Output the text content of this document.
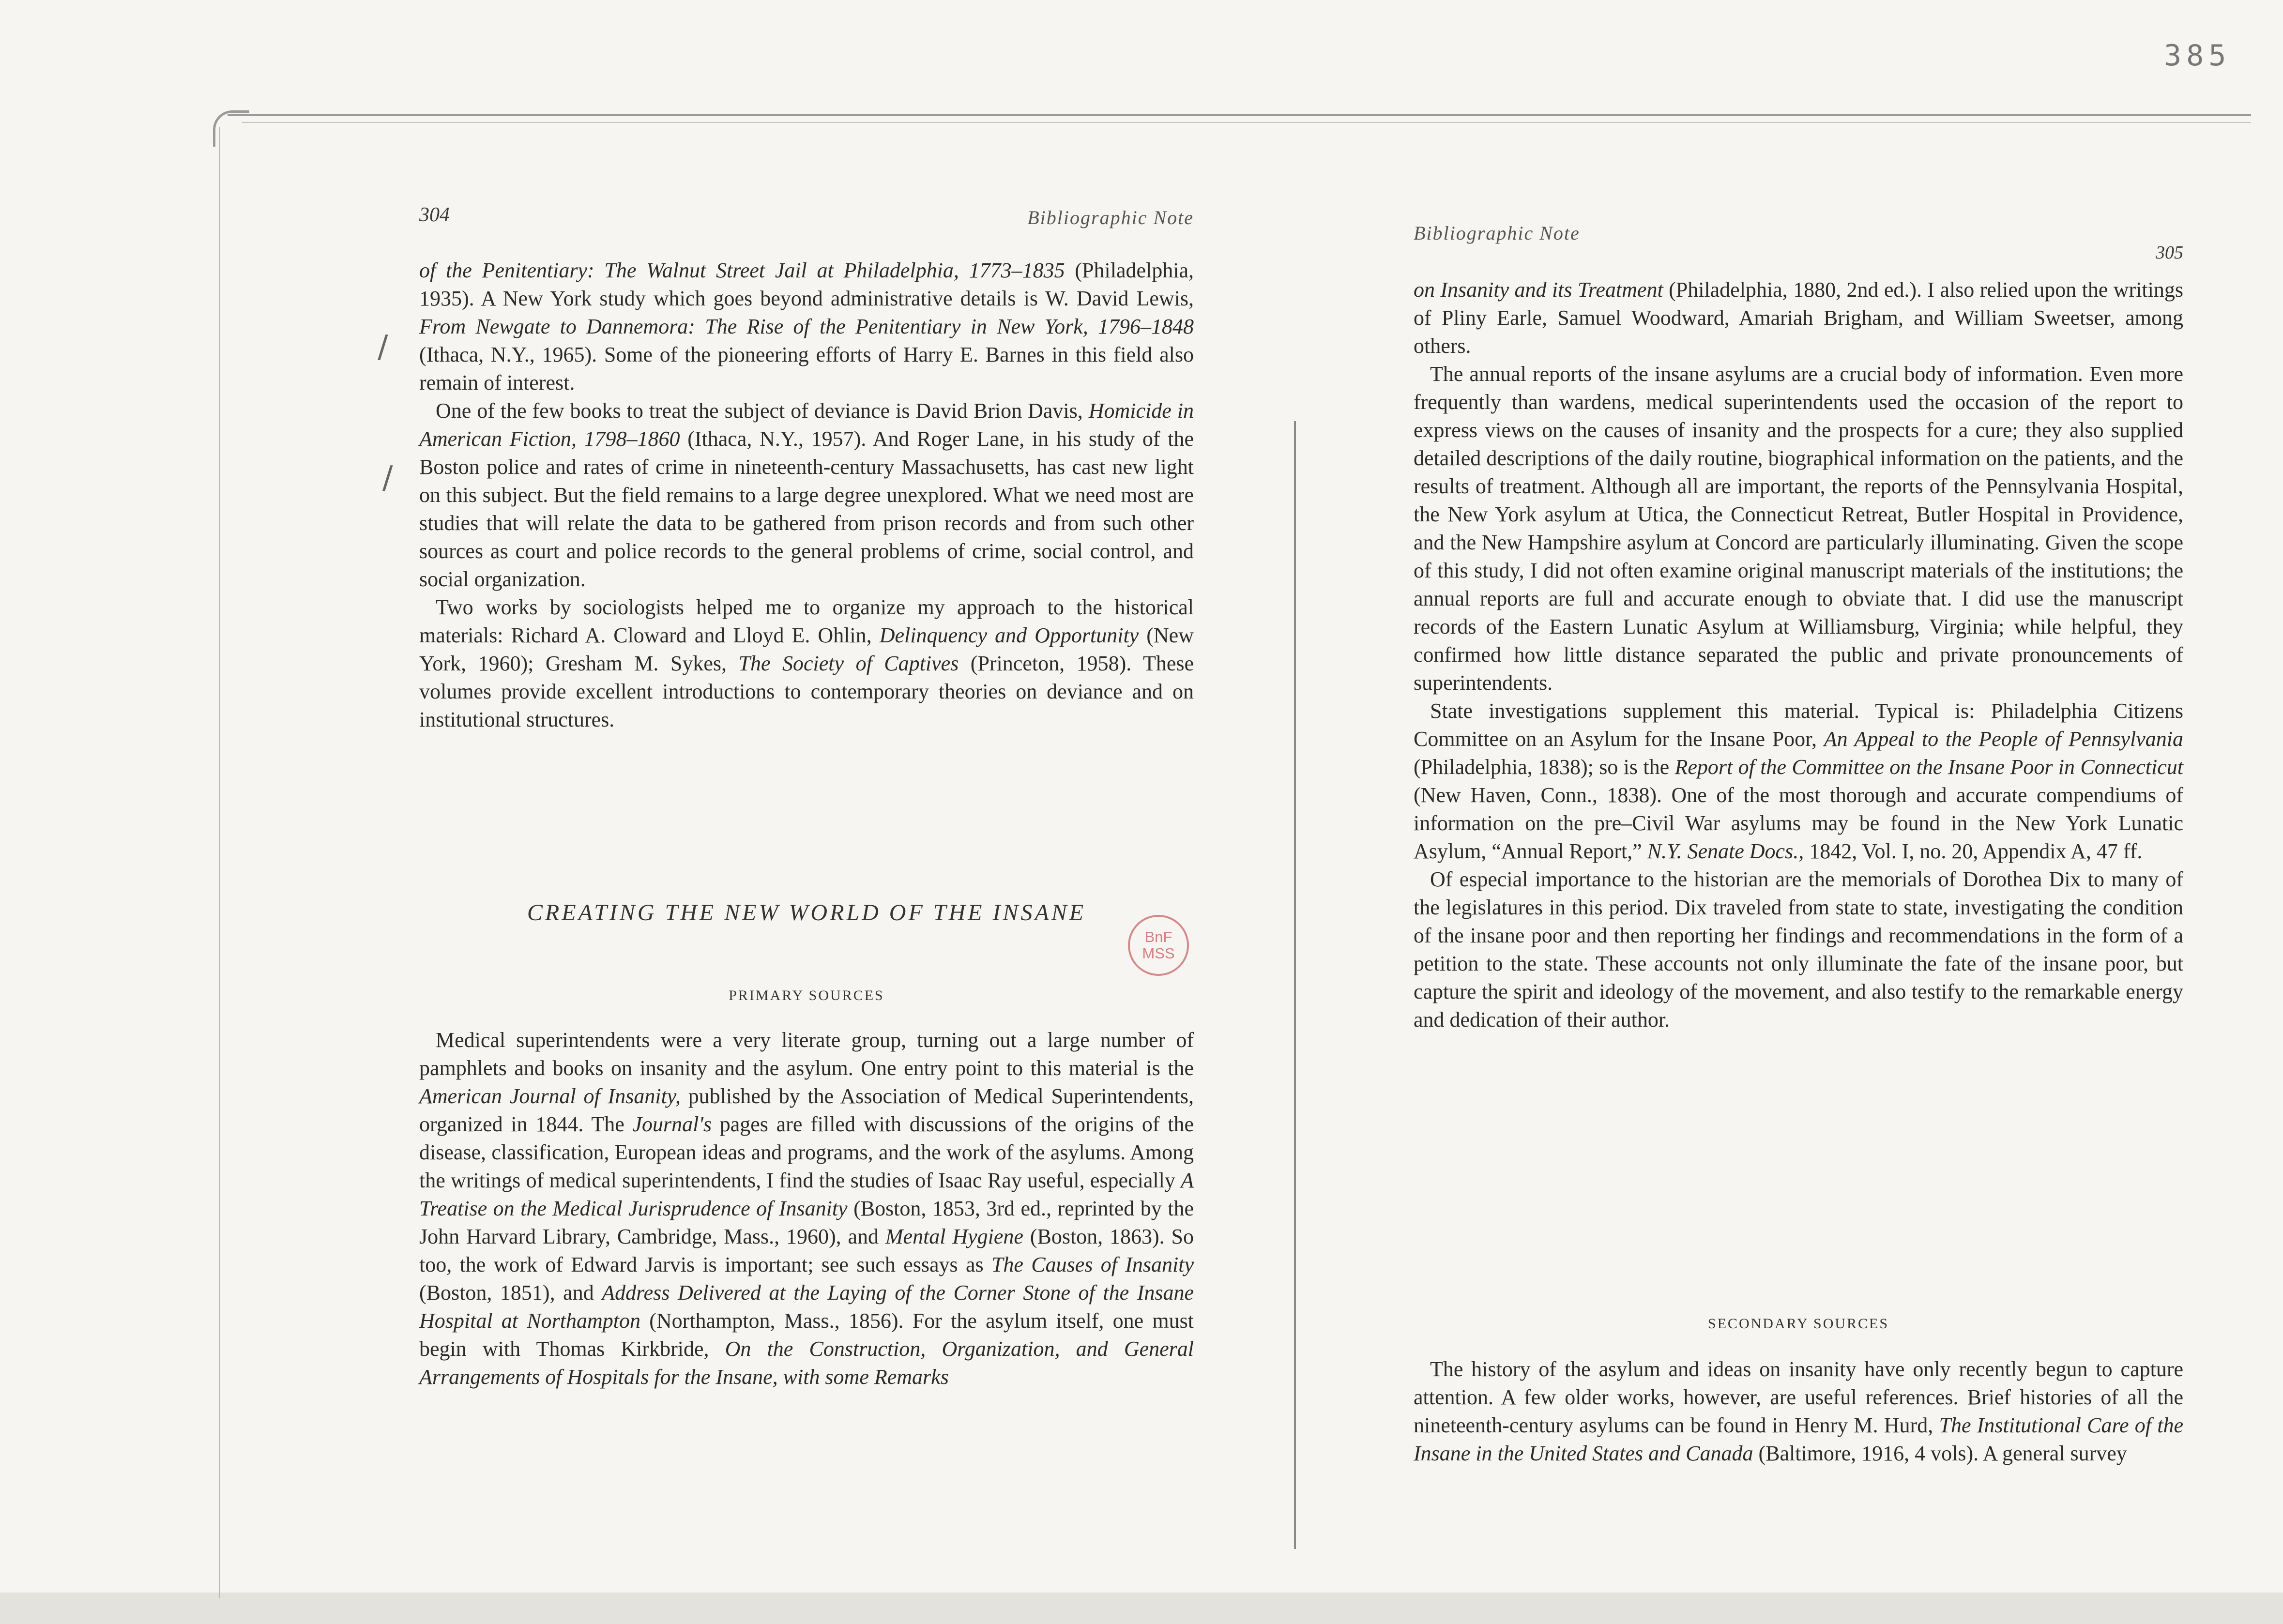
385
304	Bibliographic Note

of the Penitentiary: The Walnut Street Jail at Philadelphia, 1773–1835 (Philadelphia, 1935). A New York study which goes beyond administrative details is W. David Lewis, From Newgate to Dannemora: The Rise of the Penitentiary in New York, 1796–1848 (Ithaca, N.Y., 1965). Some of the pioneering efforts of Harry E. Barnes in this field also remain of interest.

One of the few books to treat the subject of deviance is David Brion Davis, Homicide in American Fiction, 1798–1860 (Ithaca, N.Y., 1957). And Roger Lane, in his study of the Boston police and rates of crime in nineteenth-century Massachusetts, has cast new light on this subject. But the field remains to a large degree unexplored. What we need most are studies that will relate the data to be gathered from prison records and from such other sources as court and police records to the general problems of crime, social control, and social organization.

Two works by sociologists helped me to organize my approach to the historical materials: Richard A. Cloward and Lloyd E. Ohlin, Delinquency and Opportunity (New York, 1960); Gresham M. Sykes, The Society of Captives (Princeton, 1958). These volumes provide excellent introductions to contemporary theories on deviance and on institutional structures.

CREATING THE NEW WORLD OF THE INSANE
PRIMARY SOURCES

Medical superintendents were a very literate group, turning out a large number of pamphlets and books on insanity and the asylum. One entry point to this material is the American Journal of Insanity, published by the Association of Medical Superintendents, organized in 1844. The Journal's pages are filled with discussions of the origins of the disease, classification, European ideas and programs, and the work of the asylums. Among the writings of medical superintendents, I find the studies of Isaac Ray useful, especially A Treatise on the Medical Jurisprudence of Insanity (Boston, 1853, 3rd ed., reprinted by the John Harvard Library, Cambridge, Mass., 1960), and Mental Hygiene (Boston, 1863). So too, the work of Edward Jarvis is important; see such essays as The Causes of Insanity (Boston, 1851), and Address Delivered at the Laying of the Corner Stone of the Insane Hospital at Northampton (Northampton, Mass., 1856). For the asylum itself, one must begin with Thomas Kirkbride, On the Construction, Organization, and General Arrangements of Hospitals for the Insane, with some Remarks

Bibliographic Note
305

on Insanity and its Treatment (Philadelphia, 1880, 2nd ed.). I also relied upon the writings of Pliny Earle, Samuel Woodward, Amariah Brigham, and William Sweetser, among others.

The annual reports of the insane asylums are a crucial body of information. Even more frequently than wardens, medical superintendents used the occasion of the report to express views on the causes of insanity and the prospects for a cure; they also supplied detailed descriptions of the daily routine, biographical information on the patients, and the results of treatment. Although all are important, the reports of the Pennsylvania Hospital, the New York asylum at Utica, the Connecticut Retreat, Butler Hospital in Providence, and the New Hampshire asylum at Concord are particularly illuminating. Given the scope of this study, I did not often examine original manuscript materials of the institutions; the annual reports are full and accurate enough to obviate that. I did use the manuscript records of the Eastern Lunatic Asylum at Williamsburg, Virginia; while helpful, they confirmed how little distance separated the public and private pronouncements of superintendents.

State investigations supplement this material. Typical is: Philadelphia Citizens Committee on an Asylum for the Insane Poor, An Appeal to the People of Pennsylvania (Philadelphia, 1838); so is the Report of the Committee on the Insane Poor in Connecticut (New Haven, Conn., 1838). One of the most thorough and accurate compendiums of information on the pre–Civil War asylums may be found in the New York Lunatic Asylum, “Annual Report,” N.Y. Senate Docs., 1842, Vol. I, no. 20, Appendix A, 47 ff.

Of especial importance to the historian are the memorials of Dorothea Dix to many of the legislatures in this period. Dix traveled from state to state, investigating the condition of the insane poor and then reporting her findings and recommendations in the form of a petition to the state. These accounts not only illuminate the fate of the insane poor, but capture the spirit and ideology of the movement, and also testify to the remarkable energy and dedication of their author.

SECONDARY SOURCES

The history of the asylum and ideas on insanity have only recently begun to capture attention. A few older works, however, are useful references. Brief histories of all the nineteenth-century asylums can be found in Henry M. Hurd, The Institutional Care of the Insane in the United States and Canada (Baltimore, 1916, 4 vols). A general survey

BnF
MSS
/
/
